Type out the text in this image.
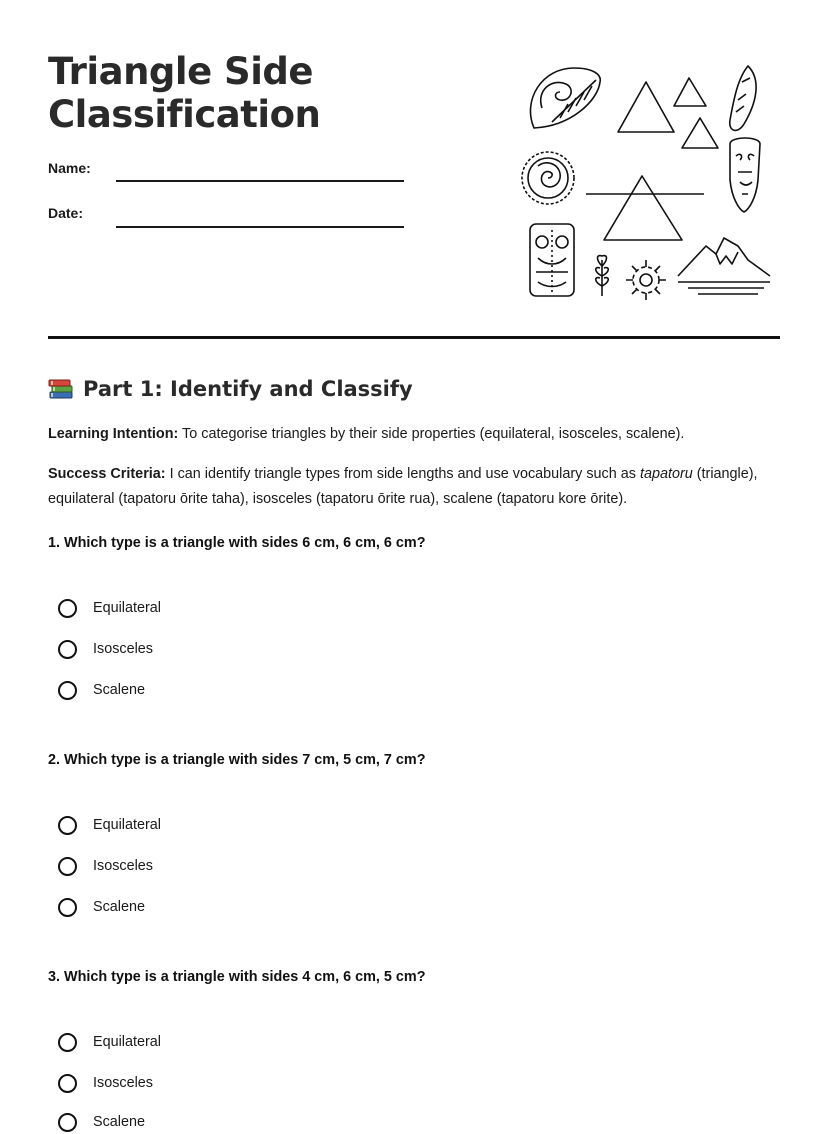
Triangle Side
Classification
Name:
Date:
Part 1: Identify and Classify

Learning Intention: To categorise triangles by their side properties (equilateral, isosceles, scalene).

Success Criteria: I can identify triangle types from side lengths and use vocabulary such as tapatoru (triangle), equilateral (tapatoru ōrite taha), isosceles (tapatoru ōrite rua), scalene (tapatoru kore ōrite).

1. Which type is a triangle with sides 6 cm, 6 cm, 6 cm?

Equilateral
Isosceles
Scalene

2. Which type is a triangle with sides 7 cm, 5 cm, 7 cm?

Equilateral
Isosceles
Scalene

3. Which type is a triangle with sides 4 cm, 6 cm, 5 cm?

Equilateral
Isosceles
Scalene
